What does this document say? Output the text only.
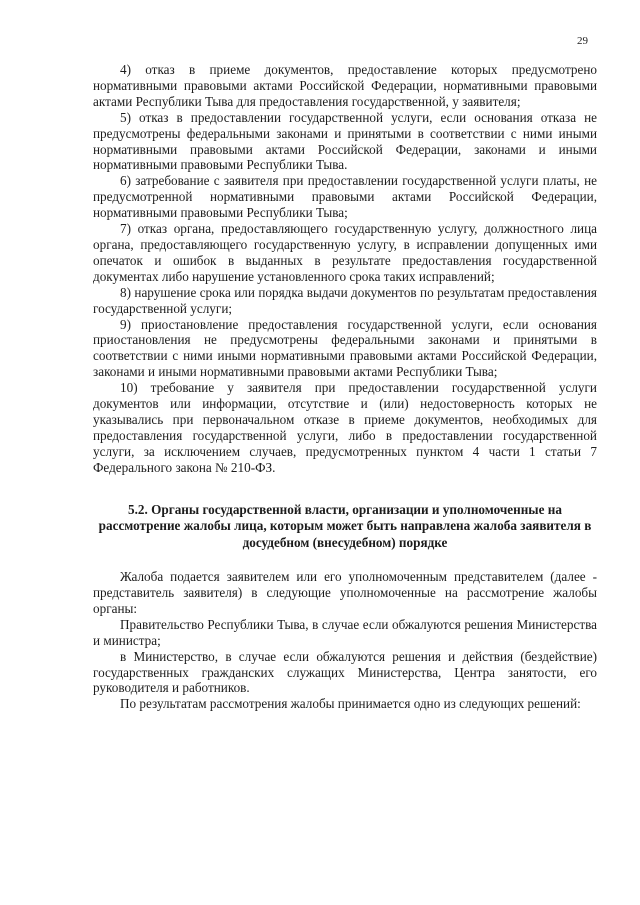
29

4) отказ в приеме документов, предоставление которых предусмотрено нормативными правовыми актами Российской Федерации, нормативными правовыми актами Республики Тыва для предоставления государственной, у заявителя;

5) отказ в предоставлении государственной услуги, если основания отказа не предусмотрены федеральными законами и принятыми в соответствии с ними иными нормативными правовыми актами Российской Федерации, законами и иными нормативными правовыми Республики Тыва.

6) затребование с заявителя при предоставлении государственной услуги платы, не предусмотренной нормативными правовыми актами Российской Федерации, нормативными правовыми Республики Тыва;

7) отказ органа, предоставляющего государственную услугу, должностного лица органа, предоставляющего государственную услугу, в исправлении допущенных ими опечаток и ошибок в выданных в результате предоставления государственной документах либо нарушение установленного срока таких исправлений;

8) нарушение срока или порядка выдачи документов по результатам предоставления государственной услуги;

9) приостановление предоставления государственной услуги, если основания приостановления не предусмотрены федеральными законами и принятыми в соответствии с ними иными нормативными правовыми актами Российской Федерации, законами и иными нормативными правовыми актами Республики Тыва;

10) требование у заявителя при предоставлении государственной услуги документов или информации, отсутствие и (или) недостоверность которых не указывались при первоначальном отказе в приеме документов, необходимых для предоставления государственной услуги, либо в предоставлении государственной услуги, за исключением случаев, предусмотренных пунктом 4 части 1 статьи 7 Федерального закона № 210-ФЗ.

5.2. Органы государственной власти, организации и уполномоченные на рассмотрение жалобы лица, которым может быть направлена жалоба заявителя в досудебном (внесудебном) порядке

Жалоба подается заявителем или его уполномоченным представителем (далее - представитель заявителя) в следующие уполномоченные на рассмотрение жалобы органы:

Правительство Республики Тыва, в случае если обжалуются решения Министерства и министра;

в Министерство, в случае если обжалуются решения и действия (бездействие) государственных гражданских служащих Министерства, Центра занятости, его руководителя и работников.

По результатам рассмотрения жалобы принимается одно из следующих решений:
